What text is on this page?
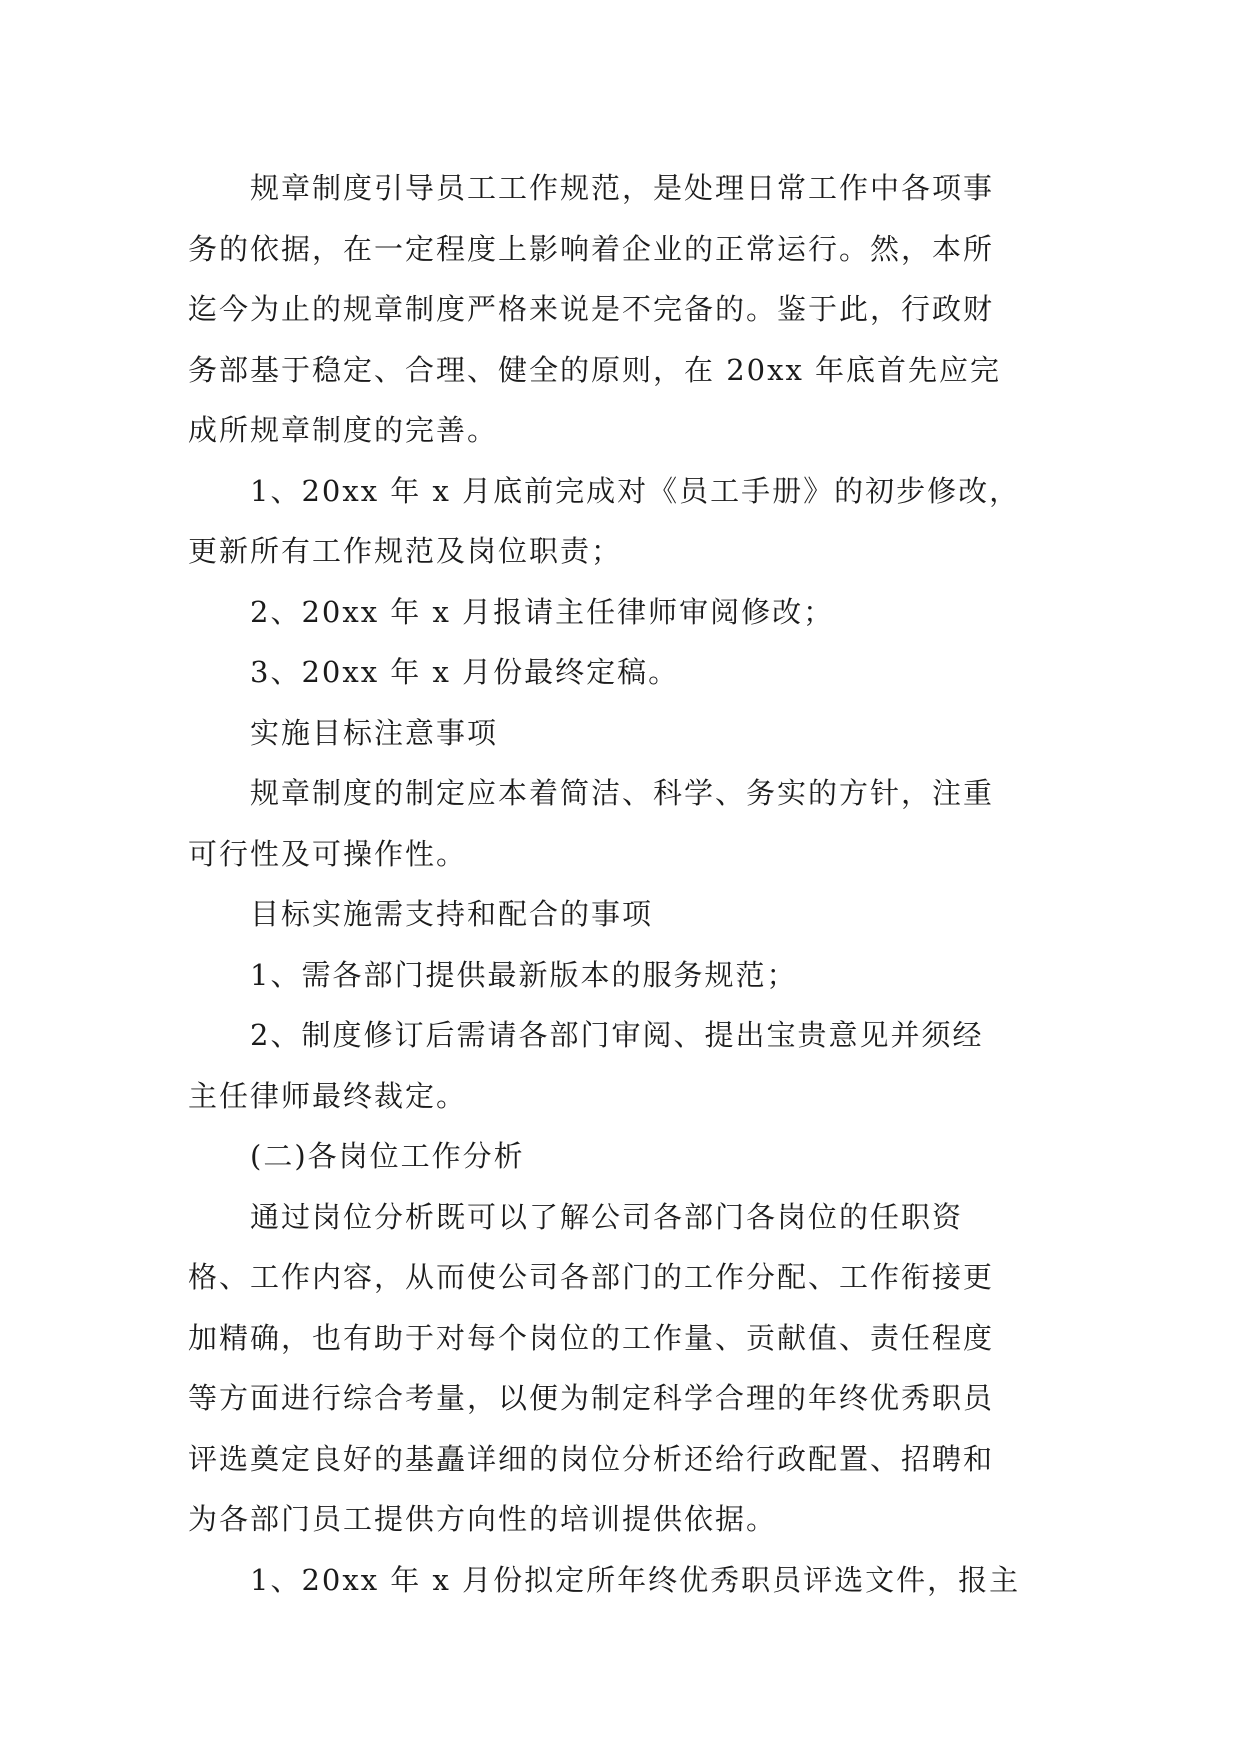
规章制度引导员工工作规范，是处理日常工作中各项事
务的依据，在一定程度上影响着企业的正常运行。然，本所
迄今为止的规章制度严格来说是不完备的。鉴于此，行政财
务部基于稳定、合理、健全的原则，在 20xx 年底首先应完
成所规章制度的完善。
1、20xx 年 x 月底前完成对《员工手册》的初步修改，
更新所有工作规范及岗位职责；
2、20xx 年 x 月报请主任律师审阅修改；
3、20xx 年 x 月份最终定稿。
实施目标注意事项
规章制度的制定应本着简洁、科学、务实的方针，注重
可行性及可操作性。
目标实施需支持和配合的事项
1、需各部门提供最新版本的服务规范；
2、制度修订后需请各部门审阅、提出宝贵意见并须经
主任律师最终裁定。
(二)各岗位工作分析
通过岗位分析既可以了解公司各部门各岗位的任职资
格、工作内容，从而使公司各部门的工作分配、工作衔接更
加精确，也有助于对每个岗位的工作量、贡献值、责任程度
等方面进行综合考量，以便为制定科学合理的年终优秀职员
评选奠定良好的基矗详细的岗位分析还给行政配置、招聘和
为各部门员工提供方向性的培训提供依据。
1、20xx 年 x 月份拟定所年终优秀职员评选文件，报主
